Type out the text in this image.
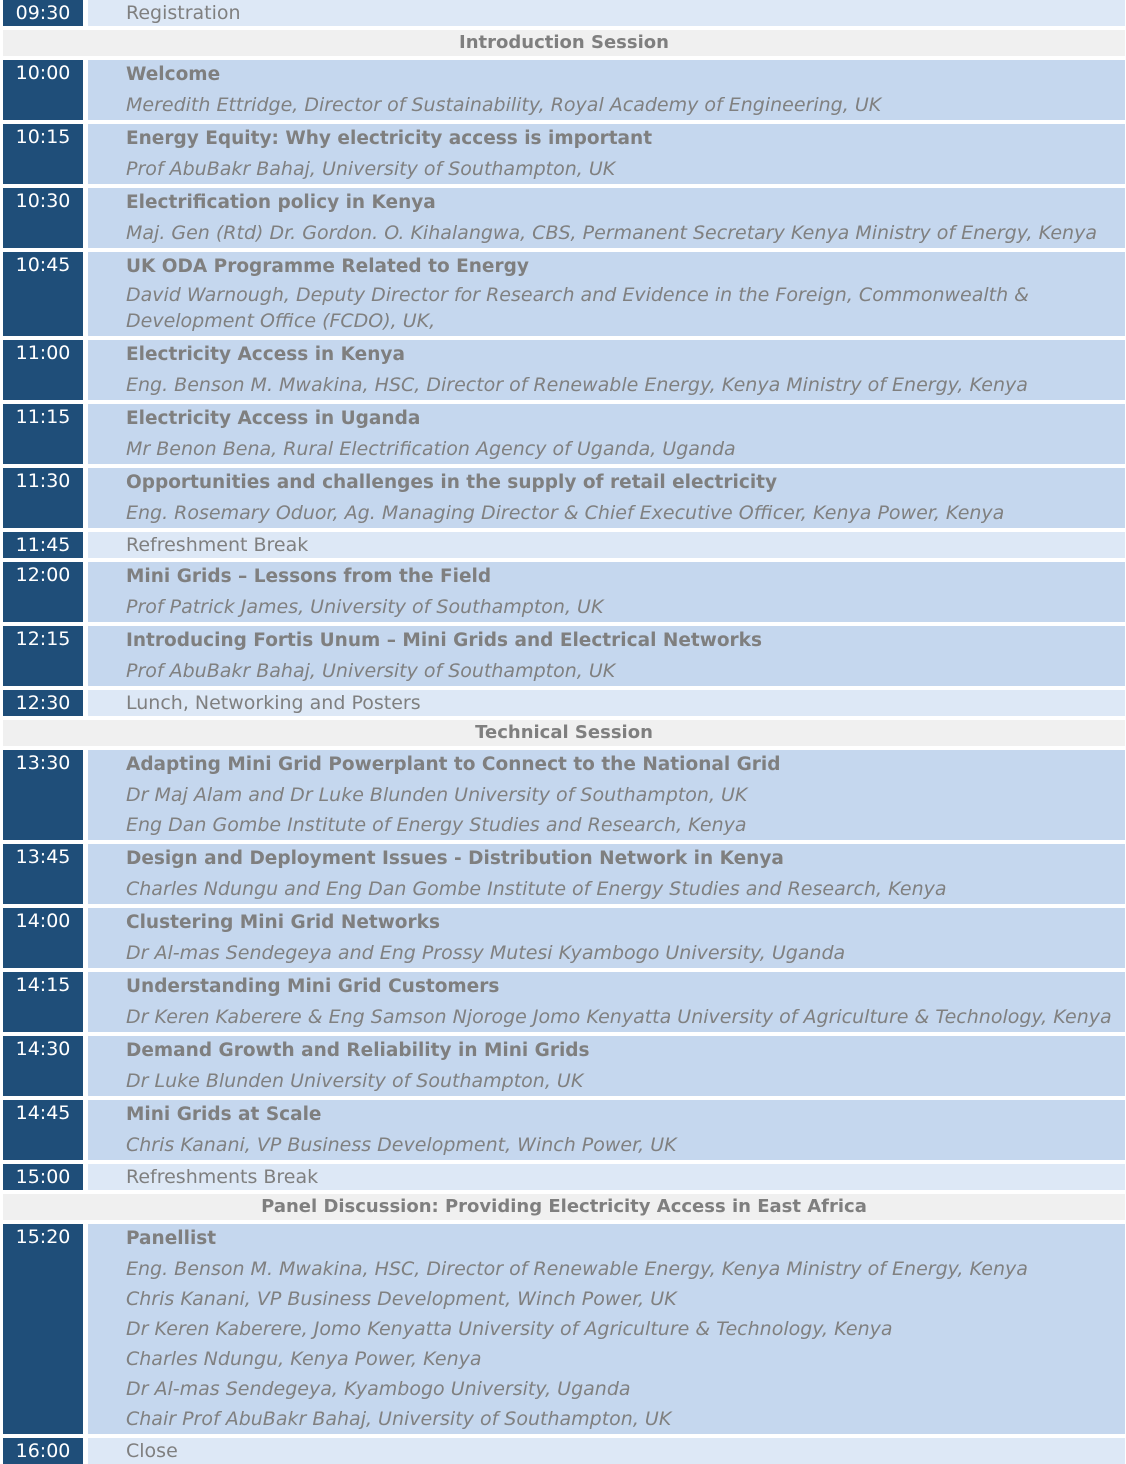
09:30	Registration
Introduction Session
10:00	Welcome
Meredith Ettridge, Director of Sustainability, Royal Academy of Engineering, UK
10:15	Energy Equity: Why electricity access is important
Prof AbuBakr Bahaj, University of Southampton, UK
10:30	Electrification policy in Kenya
Maj. Gen (Rtd) Dr. Gordon. O. Kihalangwa, CBS, Permanent Secretary Kenya Ministry of Energy, Kenya
10:45	UK ODA Programme Related to Energy
David Warnough, Deputy Director for Research and Evidence in the Foreign, Commonwealth & Development Office (FCDO), UK,
11:00	Electricity Access in Kenya
Eng. Benson M. Mwakina, HSC, Director of Renewable Energy, Kenya Ministry of Energy, Kenya
11:15	Electricity Access in Uganda
Mr Benon Bena, Rural Electrification Agency of Uganda, Uganda
11:30	Opportunities and challenges in the supply of retail electricity
Eng. Rosemary Oduor, Ag. Managing Director & Chief Executive Officer, Kenya Power, Kenya
11:45	Refreshment Break
12:00	Mini Grids – Lessons from the Field
Prof Patrick James, University of Southampton, UK
12:15	Introducing Fortis Unum – Mini Grids and Electrical Networks
Prof AbuBakr Bahaj, University of Southampton, UK
12:30	Lunch, Networking and Posters
Technical Session
13:30	Adapting Mini Grid Powerplant to Connect to the National Grid
Dr Maj Alam and Dr Luke Blunden University of Southampton, UK
Eng Dan Gombe Institute of Energy Studies and Research, Kenya
13:45	Design and Deployment Issues - Distribution Network in Kenya
Charles Ndungu and Eng Dan Gombe Institute of Energy Studies and Research, Kenya
14:00	Clustering Mini Grid Networks
Dr Al-mas Sendegeya and Eng Prossy Mutesi Kyambogo University, Uganda
14:15	Understanding Mini Grid Customers
Dr Keren Kaberere & Eng Samson Njoroge Jomo Kenyatta University of Agriculture & Technology, Kenya
14:30	Demand Growth and Reliability in Mini Grids
Dr Luke Blunden University of Southampton, UK
14:45	Mini Grids at Scale
Chris Kanani, VP Business Development, Winch Power, UK
15:00	Refreshments Break
Panel Discussion: Providing Electricity Access in East Africa
15:20	Panellist
Eng. Benson M. Mwakina, HSC, Director of Renewable Energy, Kenya Ministry of Energy, Kenya
Chris Kanani, VP Business Development, Winch Power, UK
Dr Keren Kaberere, Jomo Kenyatta University of Agriculture & Technology, Kenya
Charles Ndungu, Kenya Power, Kenya
Dr Al-mas Sendegeya, Kyambogo University, Uganda
Chair Prof AbuBakr Bahaj, University of Southampton, UK
16:00	Close
